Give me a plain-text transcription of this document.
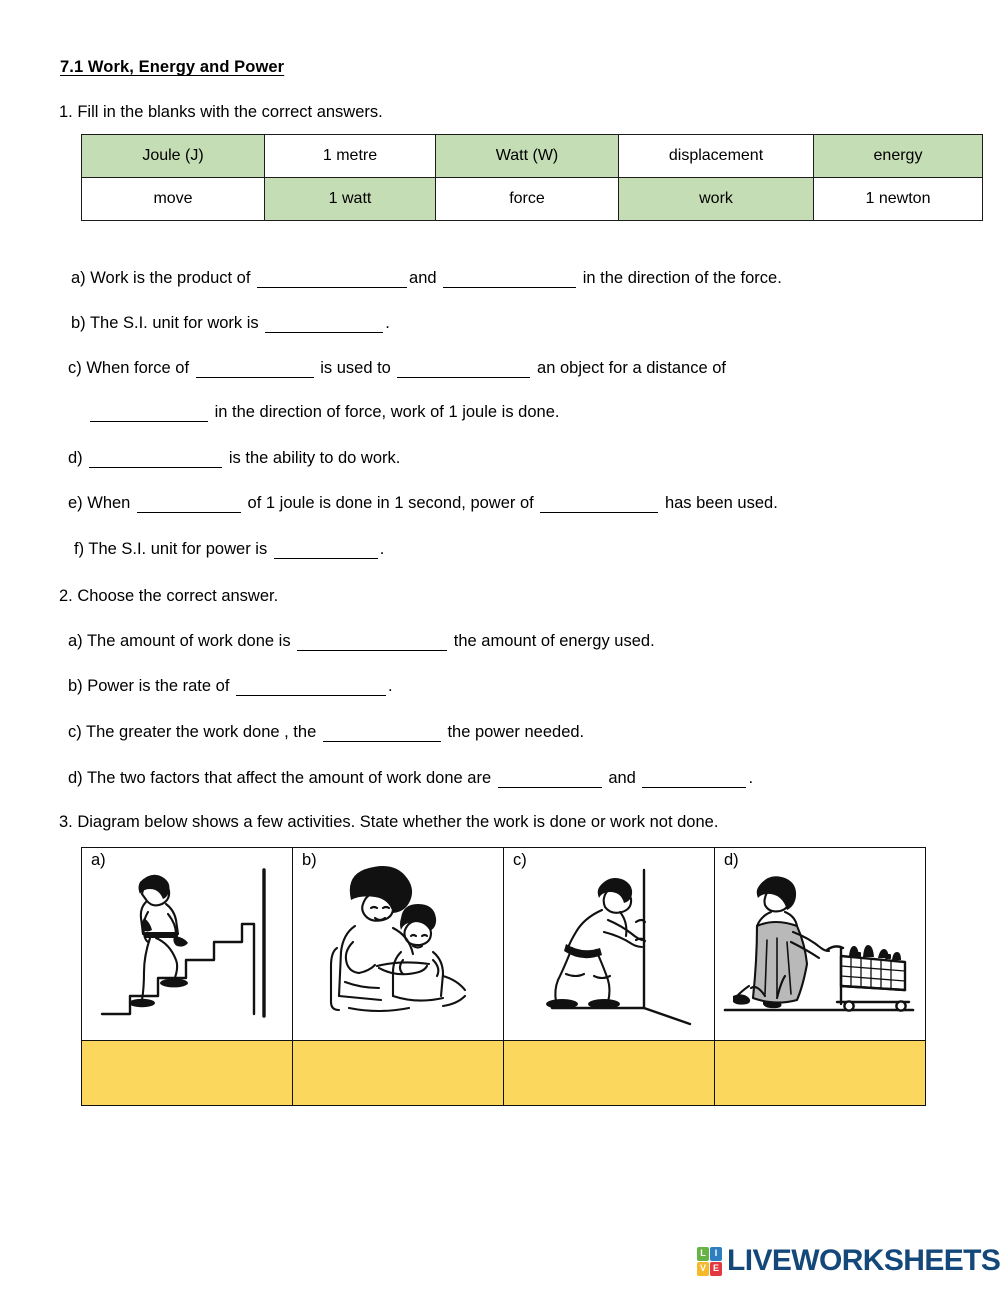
7.1 Work, Energy and Power
1. Fill in the blanks with the correct answers.
Joule (J)	1 metre	Watt (W)	displacement	energy
move	1 watt	force	work	1 newton
a) Work is the product of	and	in the direction of the force.
b) The S.I. unit for work is	.
c) When force of	is used to	an object for a distance of
in the direction of force, work of 1 joule is done.
d)	is the ability to do work.
e) When	of 1 joule is done in 1 second, power of	has been used.
f) The S.I. unit for power is	.
2. Choose the correct answer.
a) The amount of work done is	the amount of energy used.
b) Power is the rate of	.
c) The greater the work done , the	the power needed.
d) The two factors that affect the amount of work done are	and	.
3. Diagram below shows a few activities. State whether the work is done or work not done.
a)	b)	c)	d)

L I
V E LIVEWORKSHEETS
